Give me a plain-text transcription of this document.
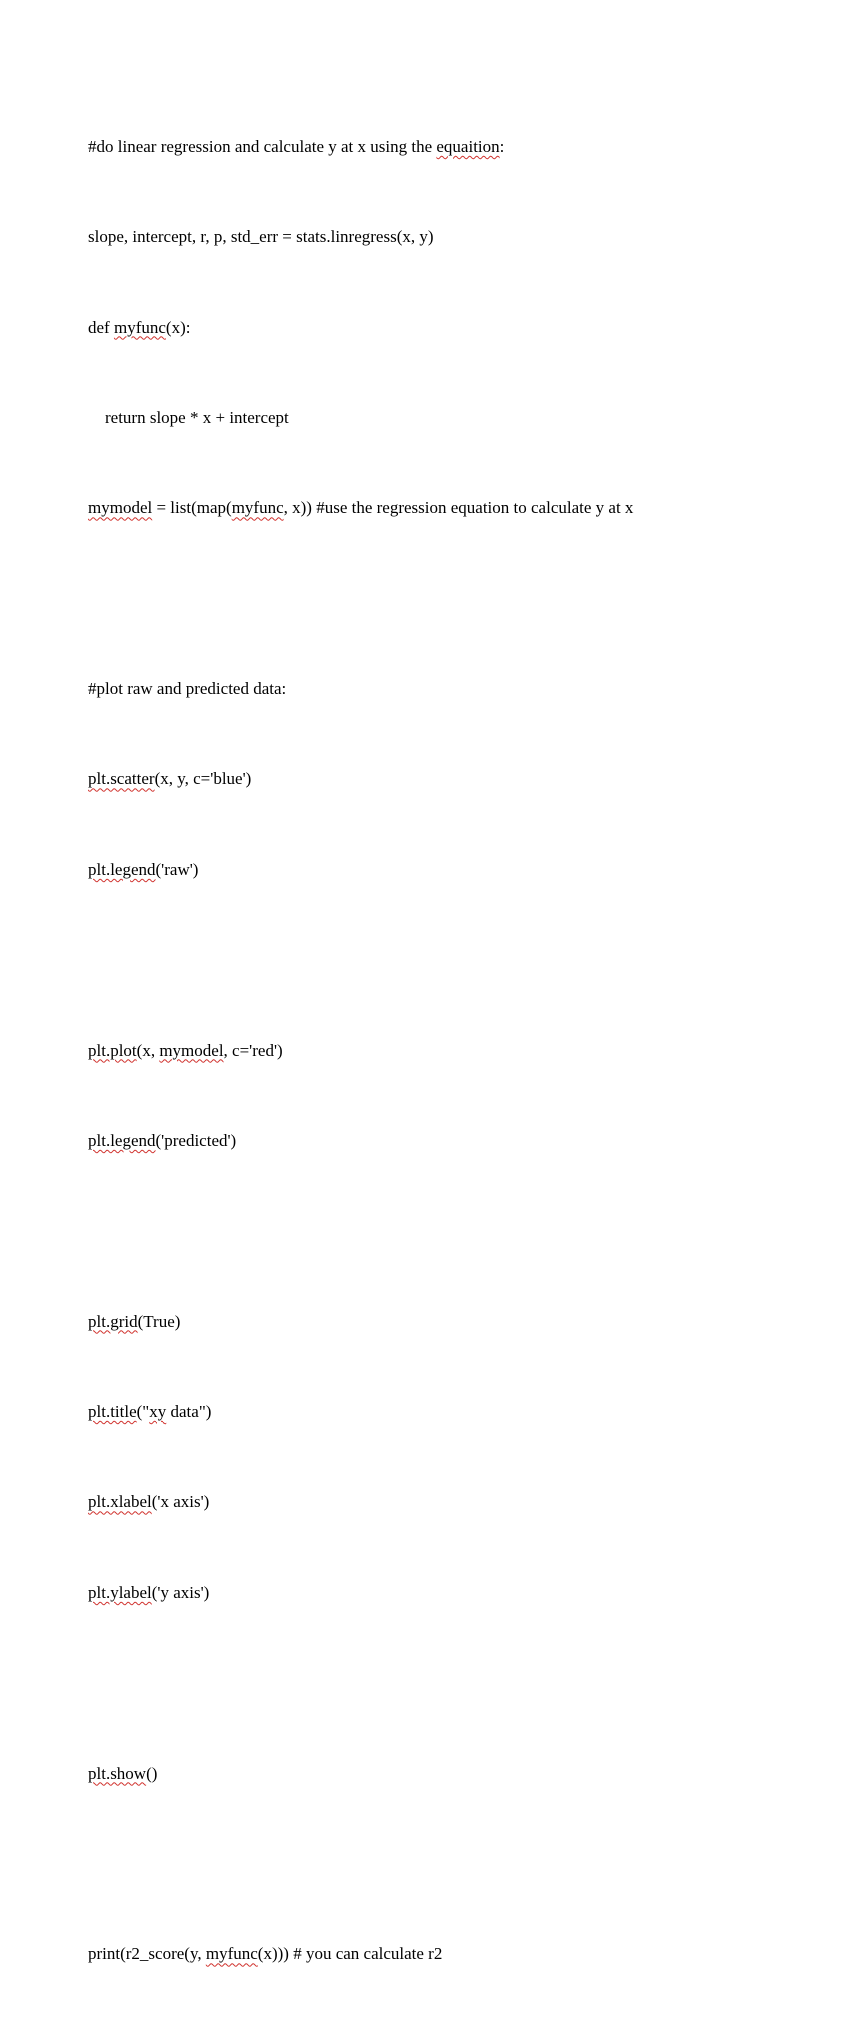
#do linear regression and calculate y at x using the equaition:

slope, intercept, r, p, std_err = stats.linregress(x, y)

def myfunc(x):

return slope * x + intercept

mymodel = list(map(myfunc, x)) #use the regression equation to calculate y at x

#plot raw and predicted data:

plt.scatter(x, y, c='blue')

plt.legend('raw')

plt.plot(x, mymodel, c='red')

plt.legend('predicted')

plt.grid(True)

plt.title("xy data")

plt.xlabel('x axis')

plt.ylabel('y axis')

plt.show()

print(r2_score(y, myfunc(x))) # you can calculate r2
